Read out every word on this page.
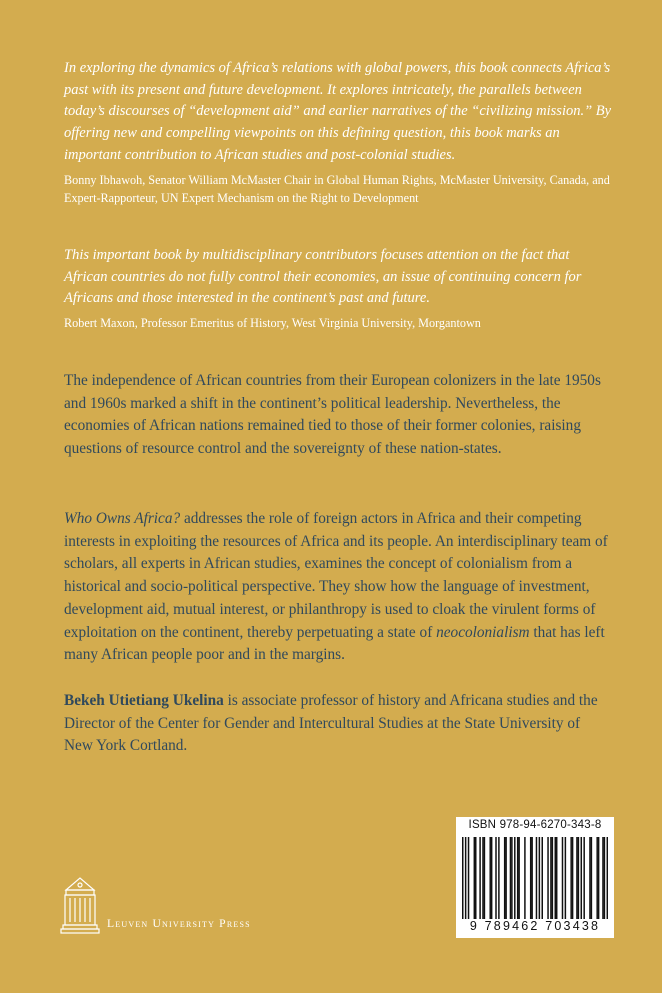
In exploring the dynamics of Africa’s relations with global powers, this book connects Africa’s past with its present and future development. It explores intricately, the parallels between today’s discourses of “development aid” and earlier narratives of the “civilizing mission.” By offering new and compelling viewpoints on this defining question, this book marks an important contribution to African studies and post-colonial studies.

Bonny Ibhawoh, Senator William McMaster Chair in Global Human Rights, McMaster University, Canada, and Expert-Rapporteur, UN Expert Mechanism on the Right to Development

This important book by multidisciplinary contributors focuses attention on the fact that African countries do not fully control their economies, an issue of continuing concern for Africans and those interested in the continent’s past and future.

Robert Maxon, Professor Emeritus of History, West Virginia University, Morgantown

The independence of African countries from their European colonizers in the late 1950s and 1960s marked a shift in the continent’s political leadership. Nevertheless, the economies of African nations remained tied to those of their former colonies, raising questions of resource control and the sovereignty of these nation-states.

Who Owns Africa? addresses the role of foreign actors in Africa and their competing interests in exploiting the resources of Africa and its people. An interdisciplinary team of scholars, all experts in African studies, examines the concept of colonialism from a historical and socio-political perspective. They show how the language of investment, development aid, mutual interest, or philanthropy is used to cloak the virulent forms of exploitation on the continent, thereby perpetuating a state of neocolonialism that has left many African people poor and in the margins.

Bekeh Utietiang Ukelina is associate professor of history and Africana studies and the Director of the Center for Gender and Intercultural Studies at the State University of New York Cortland.

ISBN 978-94-6270-343-8
9 789462 703438
Leuven University Press
